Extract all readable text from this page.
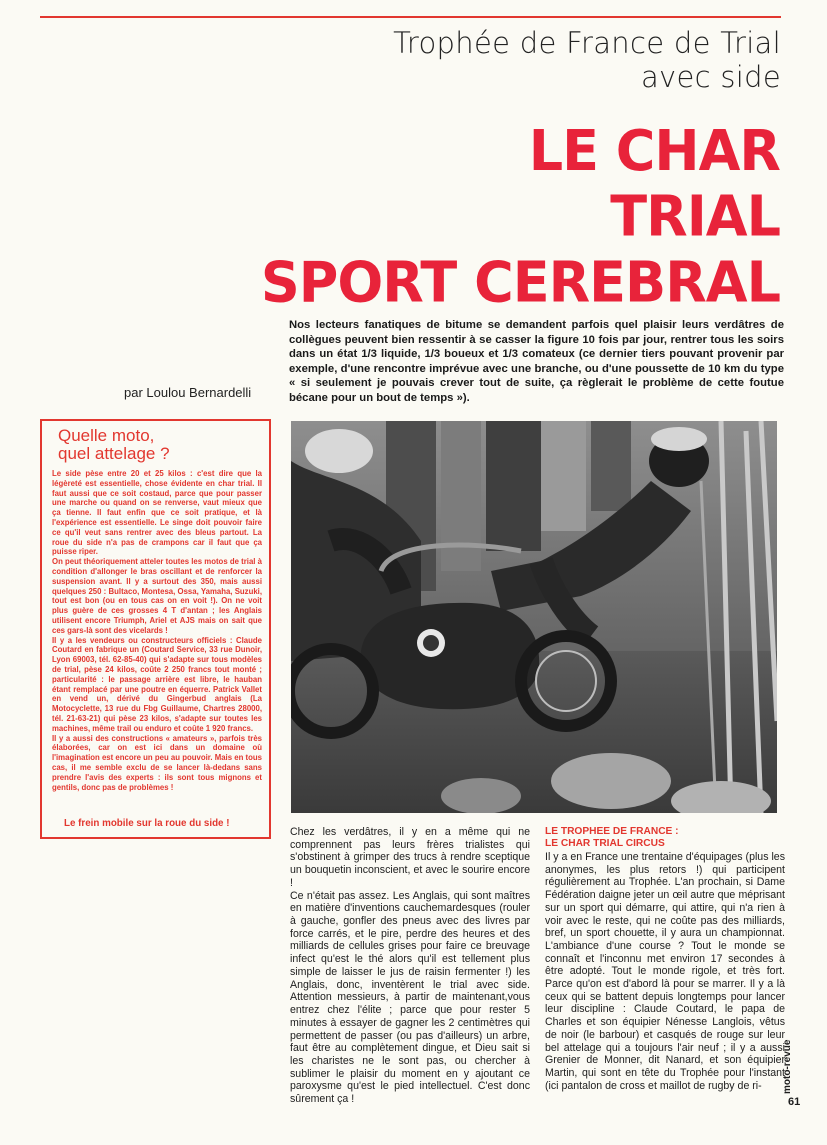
Trophée de France de Trial
avec side
LE CHAR
TRIAL
SPORT CEREBRAL
Nos lecteurs fanatiques de bitume se demandent parfois quel plaisir leurs verdâtres de collègues peuvent bien ressentir à se casser la figure 10 fois par jour, rentrer tous les soirs dans un état 1/3 liquide, 1/3 boueux et 1/3 comateux (ce dernier tiers pouvant provenir par exemple, d'une rencontre imprévue avec une branche, ou d'une poussette de 10 km du type « si seulement je pouvais crever tout de suite, ça règlerait le problème de cette foutue bécane pour un bout de temps »).
par Loulou Bernardelli
Quelle moto,
quel attelage ?

Le side pèse entre 20 et 25 kilos : c'est dire que la légèreté est essentielle, chose évidente en char trial. Il faut aussi que ce soit costaud, parce que pour passer une marche ou quand on se renverse, vaut mieux que ça tienne. Il faut enfin que ce soit pratique, et là l'expérience est essentielle. Le singe doit pouvoir faire ce qu'il veut sans rentrer avec des bleus partout. La roue du side n'a pas de crampons car il faut que ça puisse riper.

On peut théoriquement atteler toutes les motos de trial à condition d'allonger le bras oscillant et de renforcer la suspension avant. Il y a surtout des 350, mais aussi quelques 250 : Bultaco, Montesa, Ossa, Yamaha, Suzuki, tout est bon (ou en tous cas on en voit !). On ne voit plus guère de ces grosses 4 T d'antan ; les Anglais utilisent encore Triumph, Ariel et AJS mais on sait que ces gars-là sont des vicelards !

Il y a les vendeurs ou constructeurs officiels : Claude Coutard en fabrique un (Coutard Service, 33 rue Dunoir, Lyon 69003, tél. 62-85-40) qui s'adapte sur tous modèles de trial, pèse 24 kilos, coûte 2 250 francs tout monté ; particularité : le passage arrière est libre, le hauban étant remplacé par une poutre en équerre. Patrick Vallet en vend un, dérivé du Gingerbud anglais (La Motocyclette, 13 rue du Fbg Guillaume, Chartres 28000, tél. 21-63-21) qui pèse 23 kilos, s'adapte sur toutes les machines, même trail ou enduro et coûte 1 920 francs.

Il y a aussi des constructions « amateurs », parfois très élaborées, car on est ici dans un domaine où l'imagination est encore un peu au pouvoir. Mais en tous cas, il me semble exclu de se lancer là-dedans sans prendre l'avis des experts : ils sont tous mignons et gentils, donc pas de problèmes !

Le frein mobile sur la roue du side !

Chez les verdâtres, il y en a même qui ne comprennent pas leurs frères trialistes qui s'obstinent à grimper des trucs à rendre sceptique un bouquetin inconscient, et avec le sourire encore !

Ce n'était pas assez. Les Anglais, qui sont maîtres en matière d'inventions cauchemardesques (rouler à gauche, gonfler des pneus avec des livres par force carrés, et le pire, perdre des heures et des milliards de cellules grises pour faire ce breuvage infect qu'est le thé alors qu'il est tellement plus simple de laisser le jus de raisin fermenter !) les Anglais, donc, inventèrent le trial avec side. Attention messieurs, à partir de maintenant,vous entrez chez l'élite ; parce que pour rester 5 minutes à essayer de gagner les 2 centimètres qui permettent de passer (ou pas d'ailleurs) un arbre, faut être au complètement dingue, et Dieu sait si les charistes ne le sont pas, ou chercher à sublimer le plaisir du moment en y ajoutant ce paroxysme qu'est le pied intellectuel. C'est donc sûrement ça !

LE TROPHEE DE FRANCE :
LE CHAR TRIAL CIRCUS

Il y a en France une trentaine d'équipages (plus les anonymes, les plus retors !) qui participent régulièrement au Trophée. L'an prochain, si Dame Fédération daigne jeter un œil autre que méprisant sur un sport qui démarre, qui attire, qui n'a rien à voir avec le reste, qui ne coûte pas des milliards, bref, un sport chouette, il y aura un championnat. L'ambiance d'une course ? Tout le monde se connaît et l'inconnu met environ 17 secondes à être adopté. Tout le monde rigole, et très fort. Parce qu'on est d'abord là pour se marrer. Il y a là ceux qui se battent depuis longtemps pour lancer leur discipline : Claude Coutard, le papa de Charles et son équipier Nénesse Langlois, vêtus de noir (le barbour) et casqués de rouge sur leur bel attelage qui a toujours l'air neuf ; il y a aussi Grenier de Monner, dit Nanard, et son équipier Martin, qui sont en tête du Trophée pour l'instant (ici pantalon de cross et maillot de rugby de ri-	moto-revue
61
